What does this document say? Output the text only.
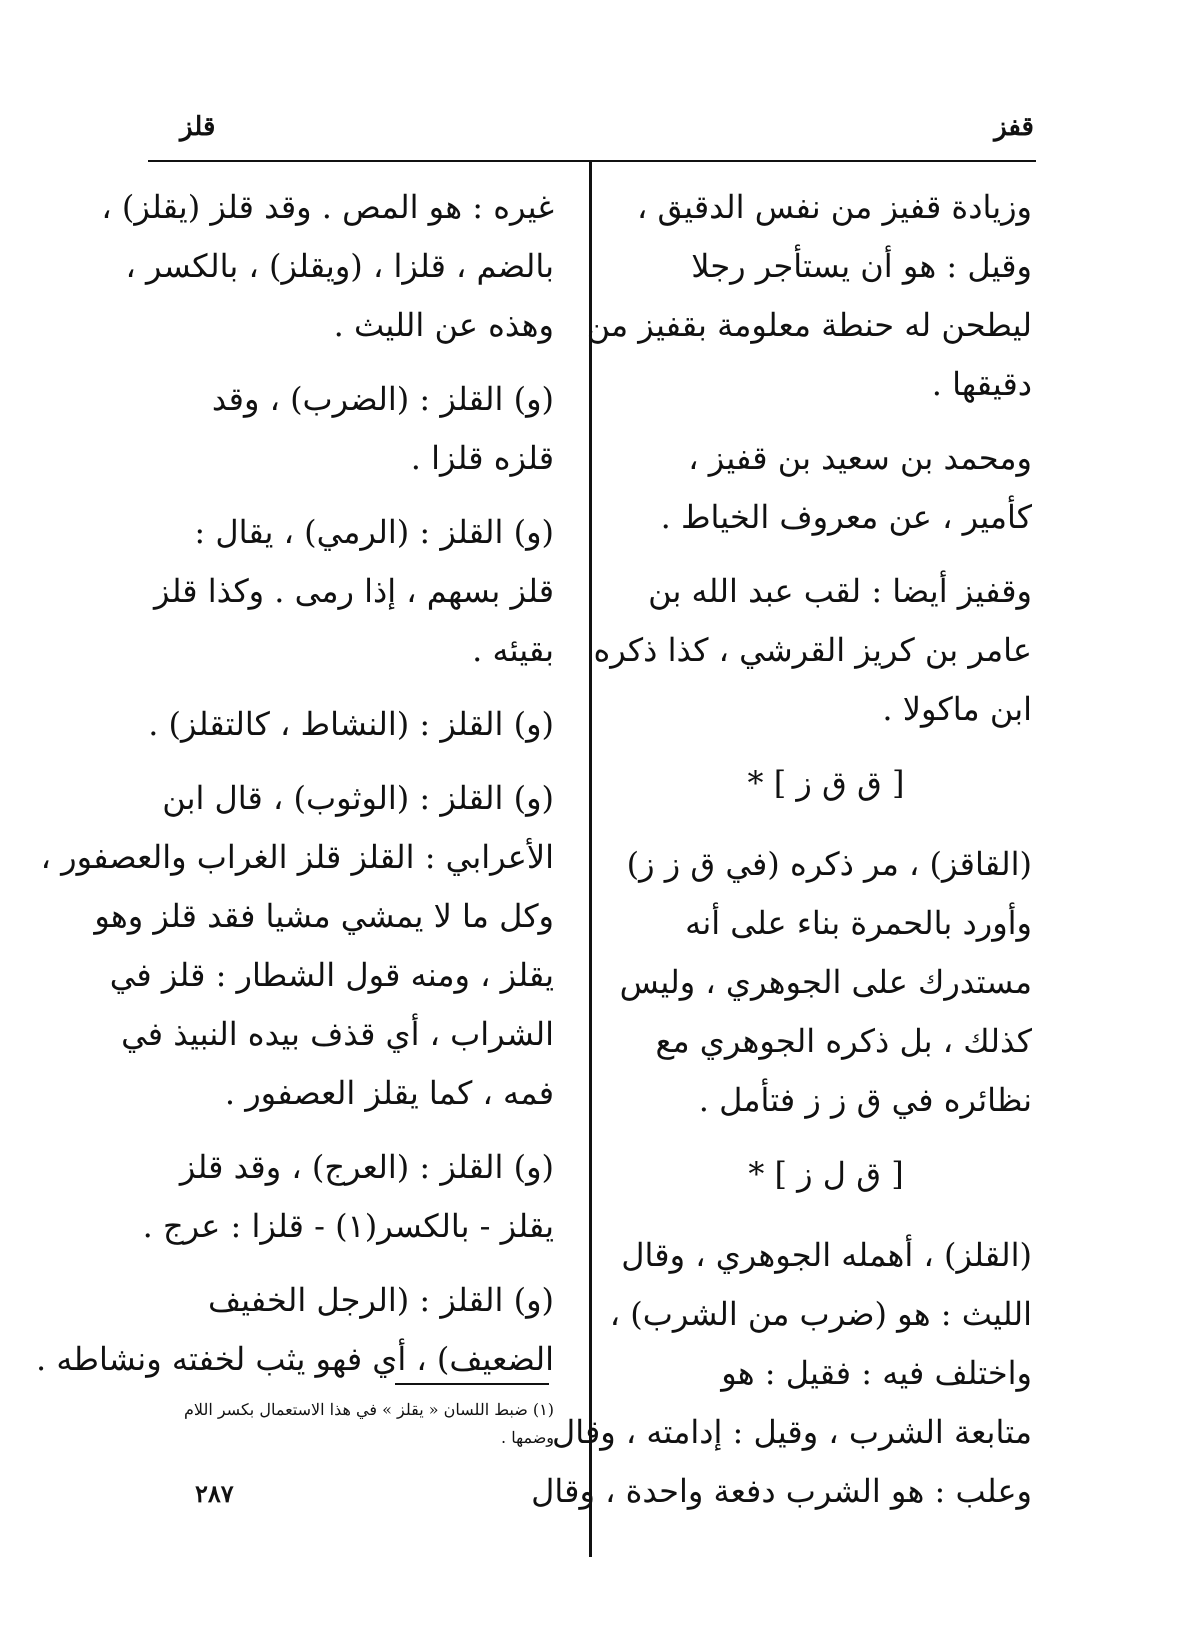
قفز
قلز

وزيادة قفيز من نفس الدقيق ،

وقيل : هو أن يستأجر رجلا

ليطحن له حنطة معلومة بقفيز من

دقيقها .

ومحمد بن سعيد بن قفيز ،

كأمير ، عن معروف الخياط .

وقفيز أيضا : لقب عبد الله بن

عامر بن كريز القرشي ، كذا ذكره

ابن ماكولا .

[ ق ق ز ] *

(القاقز) ، مر ذكره (في ق ز ز)

وأورد بالحمرة بناء على أنه

مستدرك على الجوهري ، وليس

كذلك ، بل ذكره الجوهري مع

نظائره في ق ز ز فتأمل .

[ ق ل ز ] *

(القلز) ، أهمله الجوهري ، وقال

الليث : هو (ضرب من الشرب) ،

واختلف فيه : فقيل : هو

متابعة الشرب ، وقيل : إدامته ، وقال

وعلب : هو الشرب دفعة واحدة ، وقال

غيره : هو المص . وقد قلز (يقلز) ،

بالضم ، قلزا ، (ويقلز) ، بالكسر ،

وهذه عن الليث .

(و) القلز : (الضرب) ، وقد

قلزه قلزا .

(و) القلز : (الرمي) ، يقال :

قلز بسهم ، إذا رمى . وكذا قلز

بقيئه .

(و) القلز : (النشاط ، كالتقلز) .

(و) القلز : (الوثوب) ، قال ابن

الأعرابي : القلز قلز الغراب والعصفور ،

وكل ما لا يمشي مشيا فقد قلز وهو

يقلز ، ومنه قول الشطار : قلز في

الشراب ، أي قذف بيده النبيذ في

فمه ، كما يقلز العصفور .

(و) القلز : (العرج) ، وقد قلز

يقلز - بالكسر(١) - قلزا : عرج .

(و) القلز : (الرجل الخفيف

الضعيف) ، أي فهو يثب لخفته ونشاطه .

(١) ضبط اللسان « يقلز » في هذا الاستعمال بكسر اللام

وضمها .

٢٨٧
